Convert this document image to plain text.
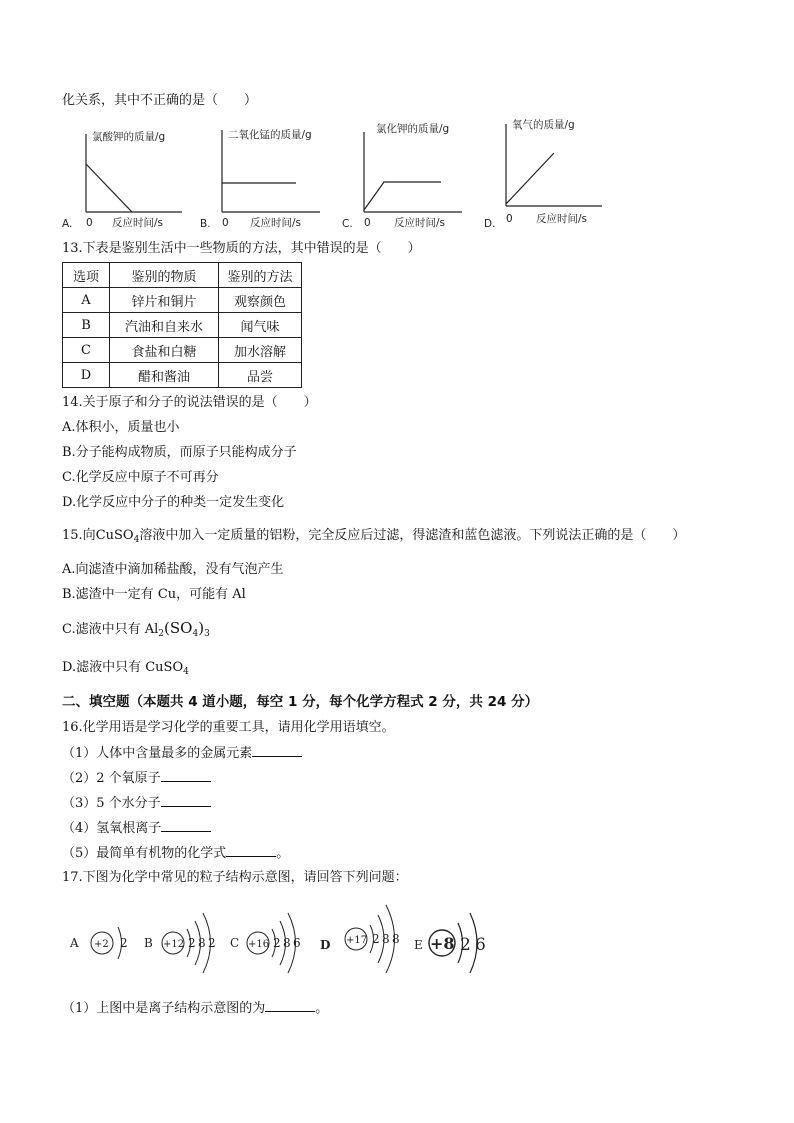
化关系，其中不正确的是（　　）
A.
氯酸钾的质量/g
0 反应时间/s	B.
二氧化锰的质量/g
0 反应时间/s	C.
氯化钾的质量/g
0 反应时间/s	D.
氧气的质量/g
0 反应时间/s
13.下表是鉴别生活中一些物质的方法，其中错误的是（　　）
选项	鉴别的物质	鉴别的方法
A	锌片和铜片	观察颜色
B	汽油和自来水	闻气味
C	食盐和白糖	加水溶解
D	醋和酱油	品尝
14.关于原子和分子的说法错误的是（　　）
A.体积小，质量也小
B.分子能构成物质，而原子只能构成分子
C.化学反应中原子不可再分
D.化学反应中分子的种类一定发生变化
15.向CuSO$_4$溶液中加入一定质量的铝粉，完全反应后过滤，得滤渣和蓝色滤液。下列说法正确的是（　　）
A.向滤渣中滴加稀盐酸，没有气泡产生
B.滤渣中一定有 Cu，可能有 Al
C.滤液中只有 $Al_2(SO_4)_3$
D.滤液中只有 CuSO$_4$
二、填空题（本题共 4 道小题，每空 1 分，每个化学方程式 2 分，共 24 分）
16.化学用语是学习化学的重要工具，请用化学用语填空。
（1）人体中含量最多的金属元素
（2）2 个氧原子
（3）5 个水分子
（4）氢氧根离子
（5）最简单有机物的化学式	。
17.下图为化学中常见的粒子结构示意图，请回答下列问题：
A +2 2 B +12 2 8 2 C +16 2 8 6 D +17 2 8 8 E +8 2 6
（1）上图中是离子结构示意图的为	。
